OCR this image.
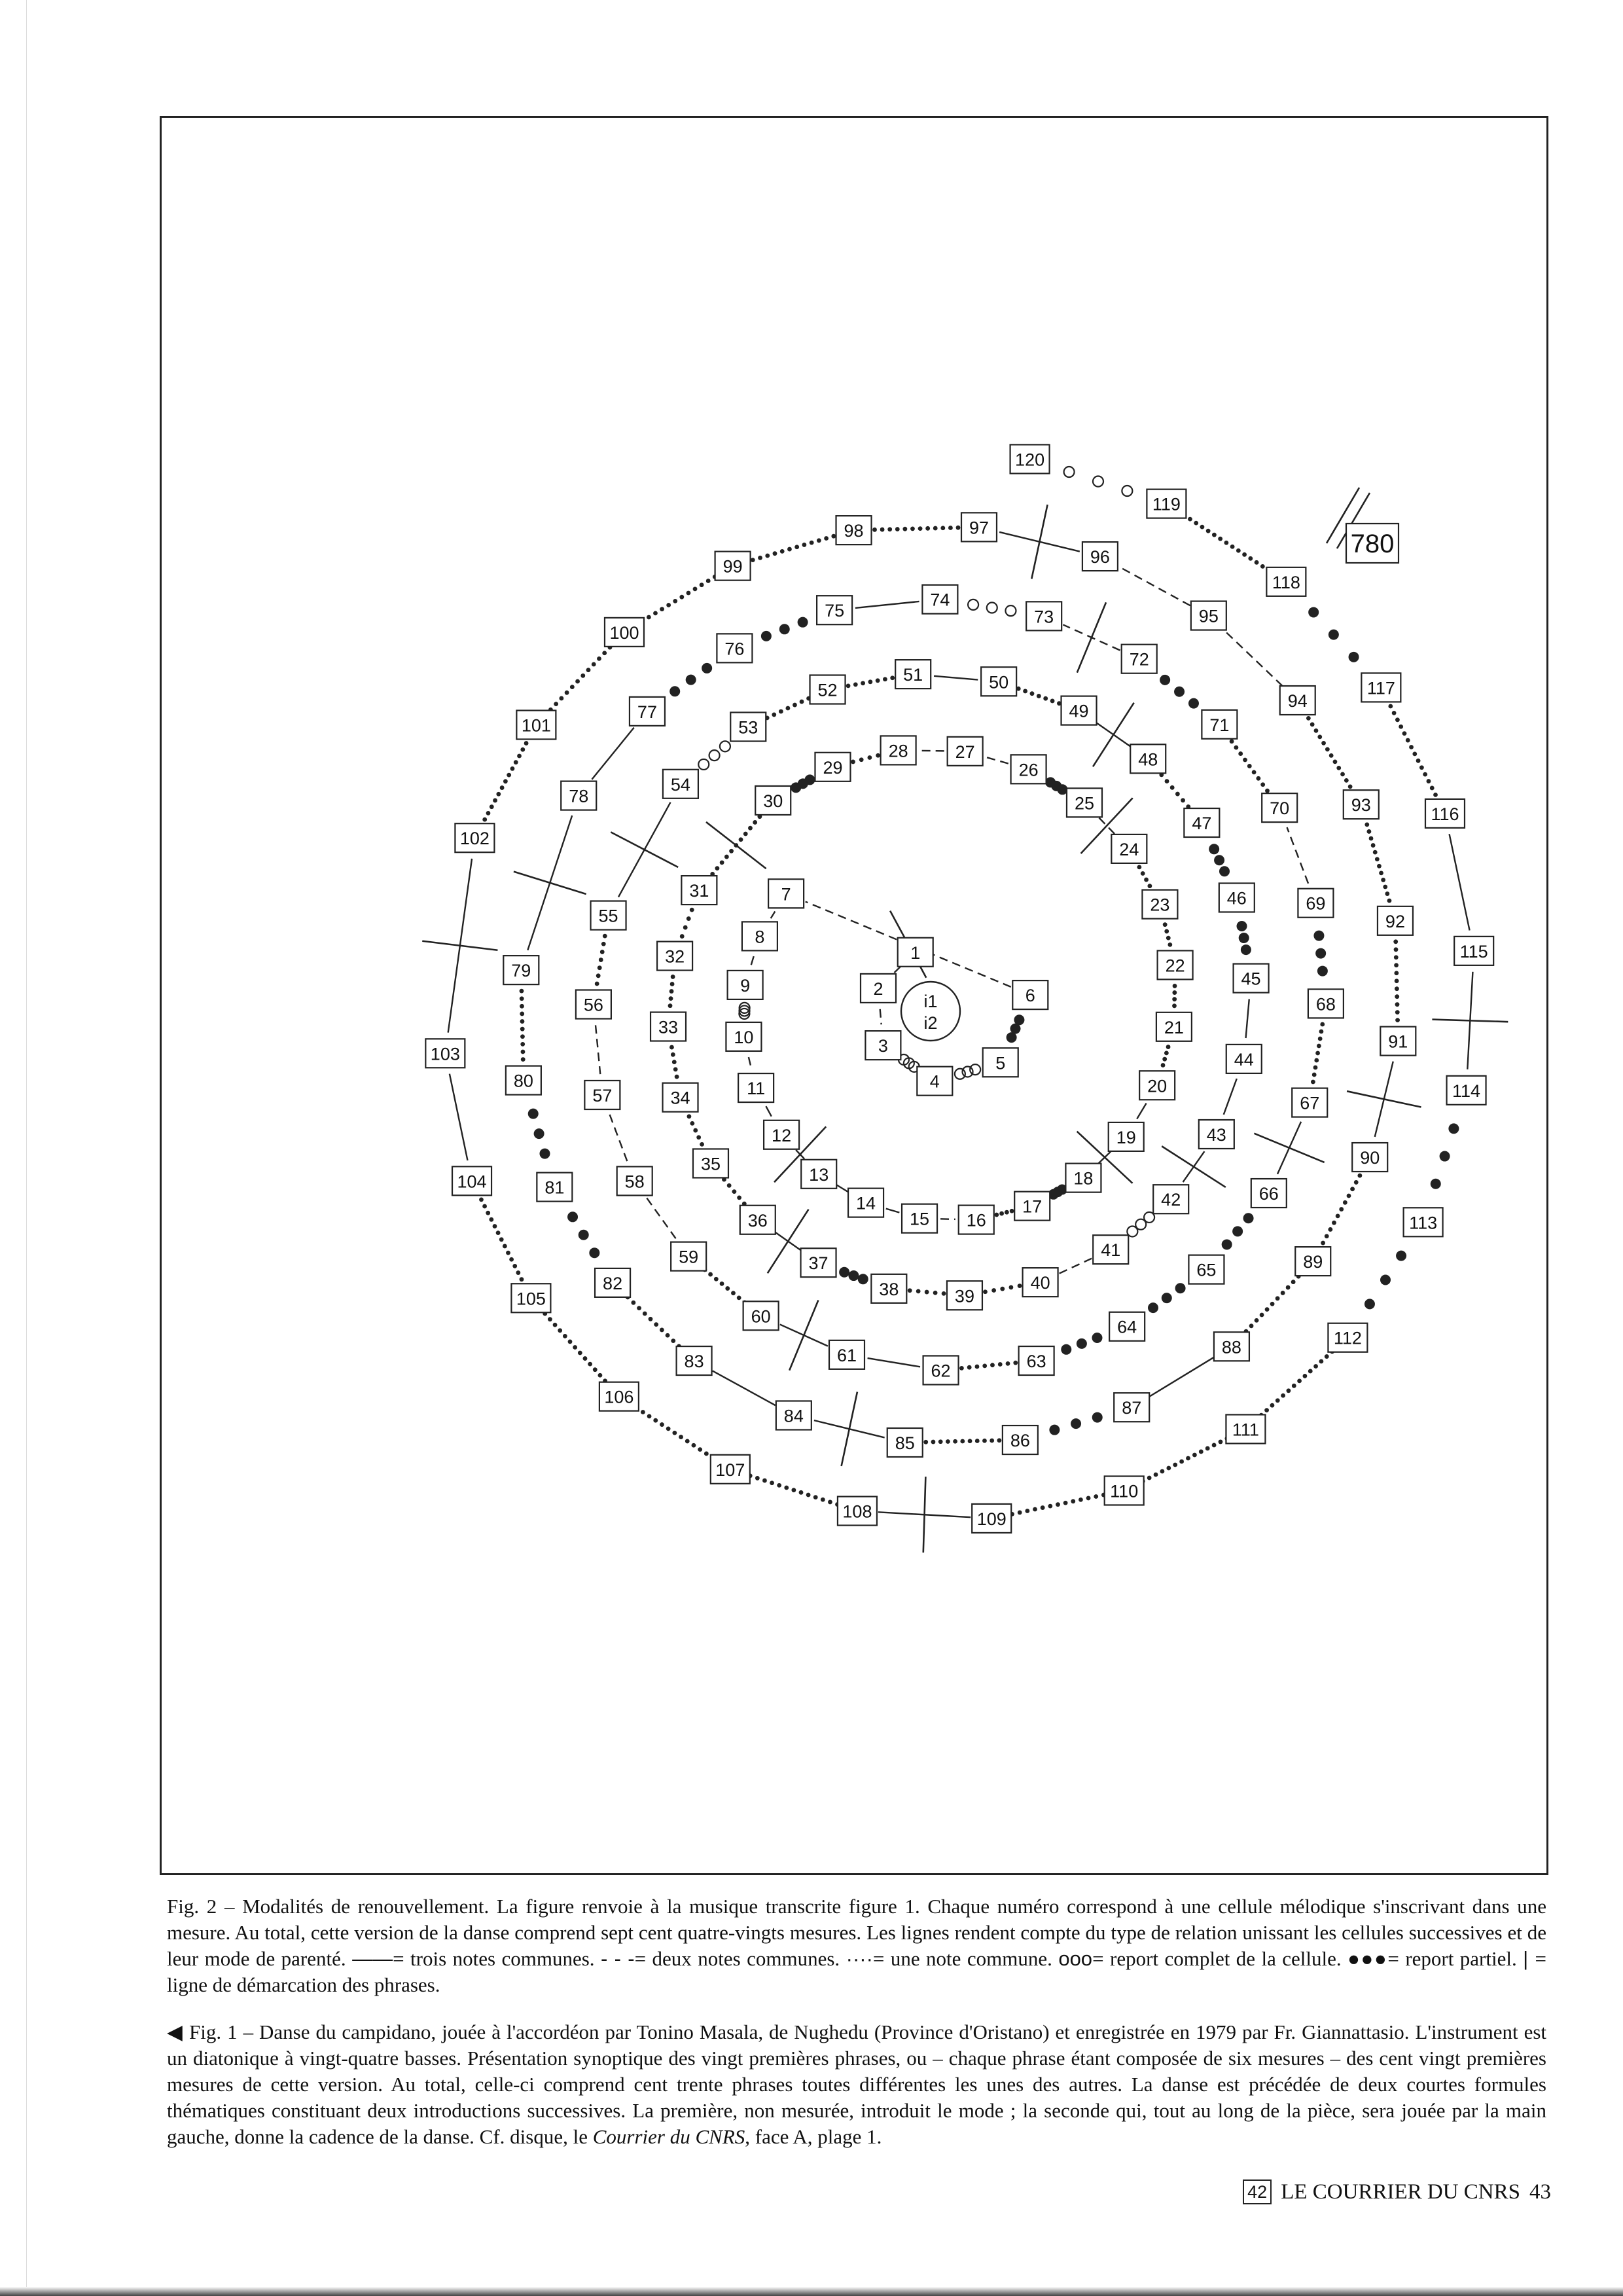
1
2
3
4
5
6
7
8
9
10
11
12
13
14
15 16
17
18
19
20
21
22
23
24
25
26
27
28
29
30
31
32
33
34
35
36
37
38	39
40
41
42
43
44
45
46
47
48
49
50
51
52
53
54
55
56
57
58
59
60
61
62	63
64
65
66
67
68
69
70
71
72
73
74
75
76
77
78
79
80
81
82
83
84
85	86
87
88
89
90
91
92
93
94
95
96
97
98
99
100
101
102
103
104
105
106
107
108	109
110
111
112
113
114
115
116
117
118
119
120
i1
i2
780

Fig. 2 – Modalités de renouvellement. La figure renvoie à la musique transcrite figure 1. Chaque numéro correspond à une cellule mélodique s'inscrivant dans une mesure. Au total, cette version de la danse comprend sept cent quatre-vingts mesures. Les lignes rendent compte du type de relation unissant les cellules successives et de leur mode de parenté. ——= trois notes communes. - - -= deux notes communes. ····= une note commune. ooo= report complet de la cellule. ●●●= report partiel. | = ligne de démarcation des phrases.

◀ Fig. 1 – Danse du campidano, jouée à l'accordéon par Tonino Masala, de Nughedu (Province d'Oristano) et enregistrée en 1979 par Fr. Giannattasio. L'instrument est un diatonique à vingt-quatre basses. Présentation synoptique des vingt premières phrases, ou – chaque phrase étant composée de six mesures – des cent vingt premières mesures de cette version. Au total, celle-ci comprend cent trente phrases toutes différentes les unes des autres. La danse est précédée de deux courtes formules thématiques constituant deux introductions successives. La première, non mesurée, introduit le mode ; la seconde qui, tout au long de la pièce, sera jouée par la main gauche, donne la cadence de la danse. Cf. disque, le Courrier du CNRS, face A, plage 1.

42 LE COURRIER DU CNRS 43
